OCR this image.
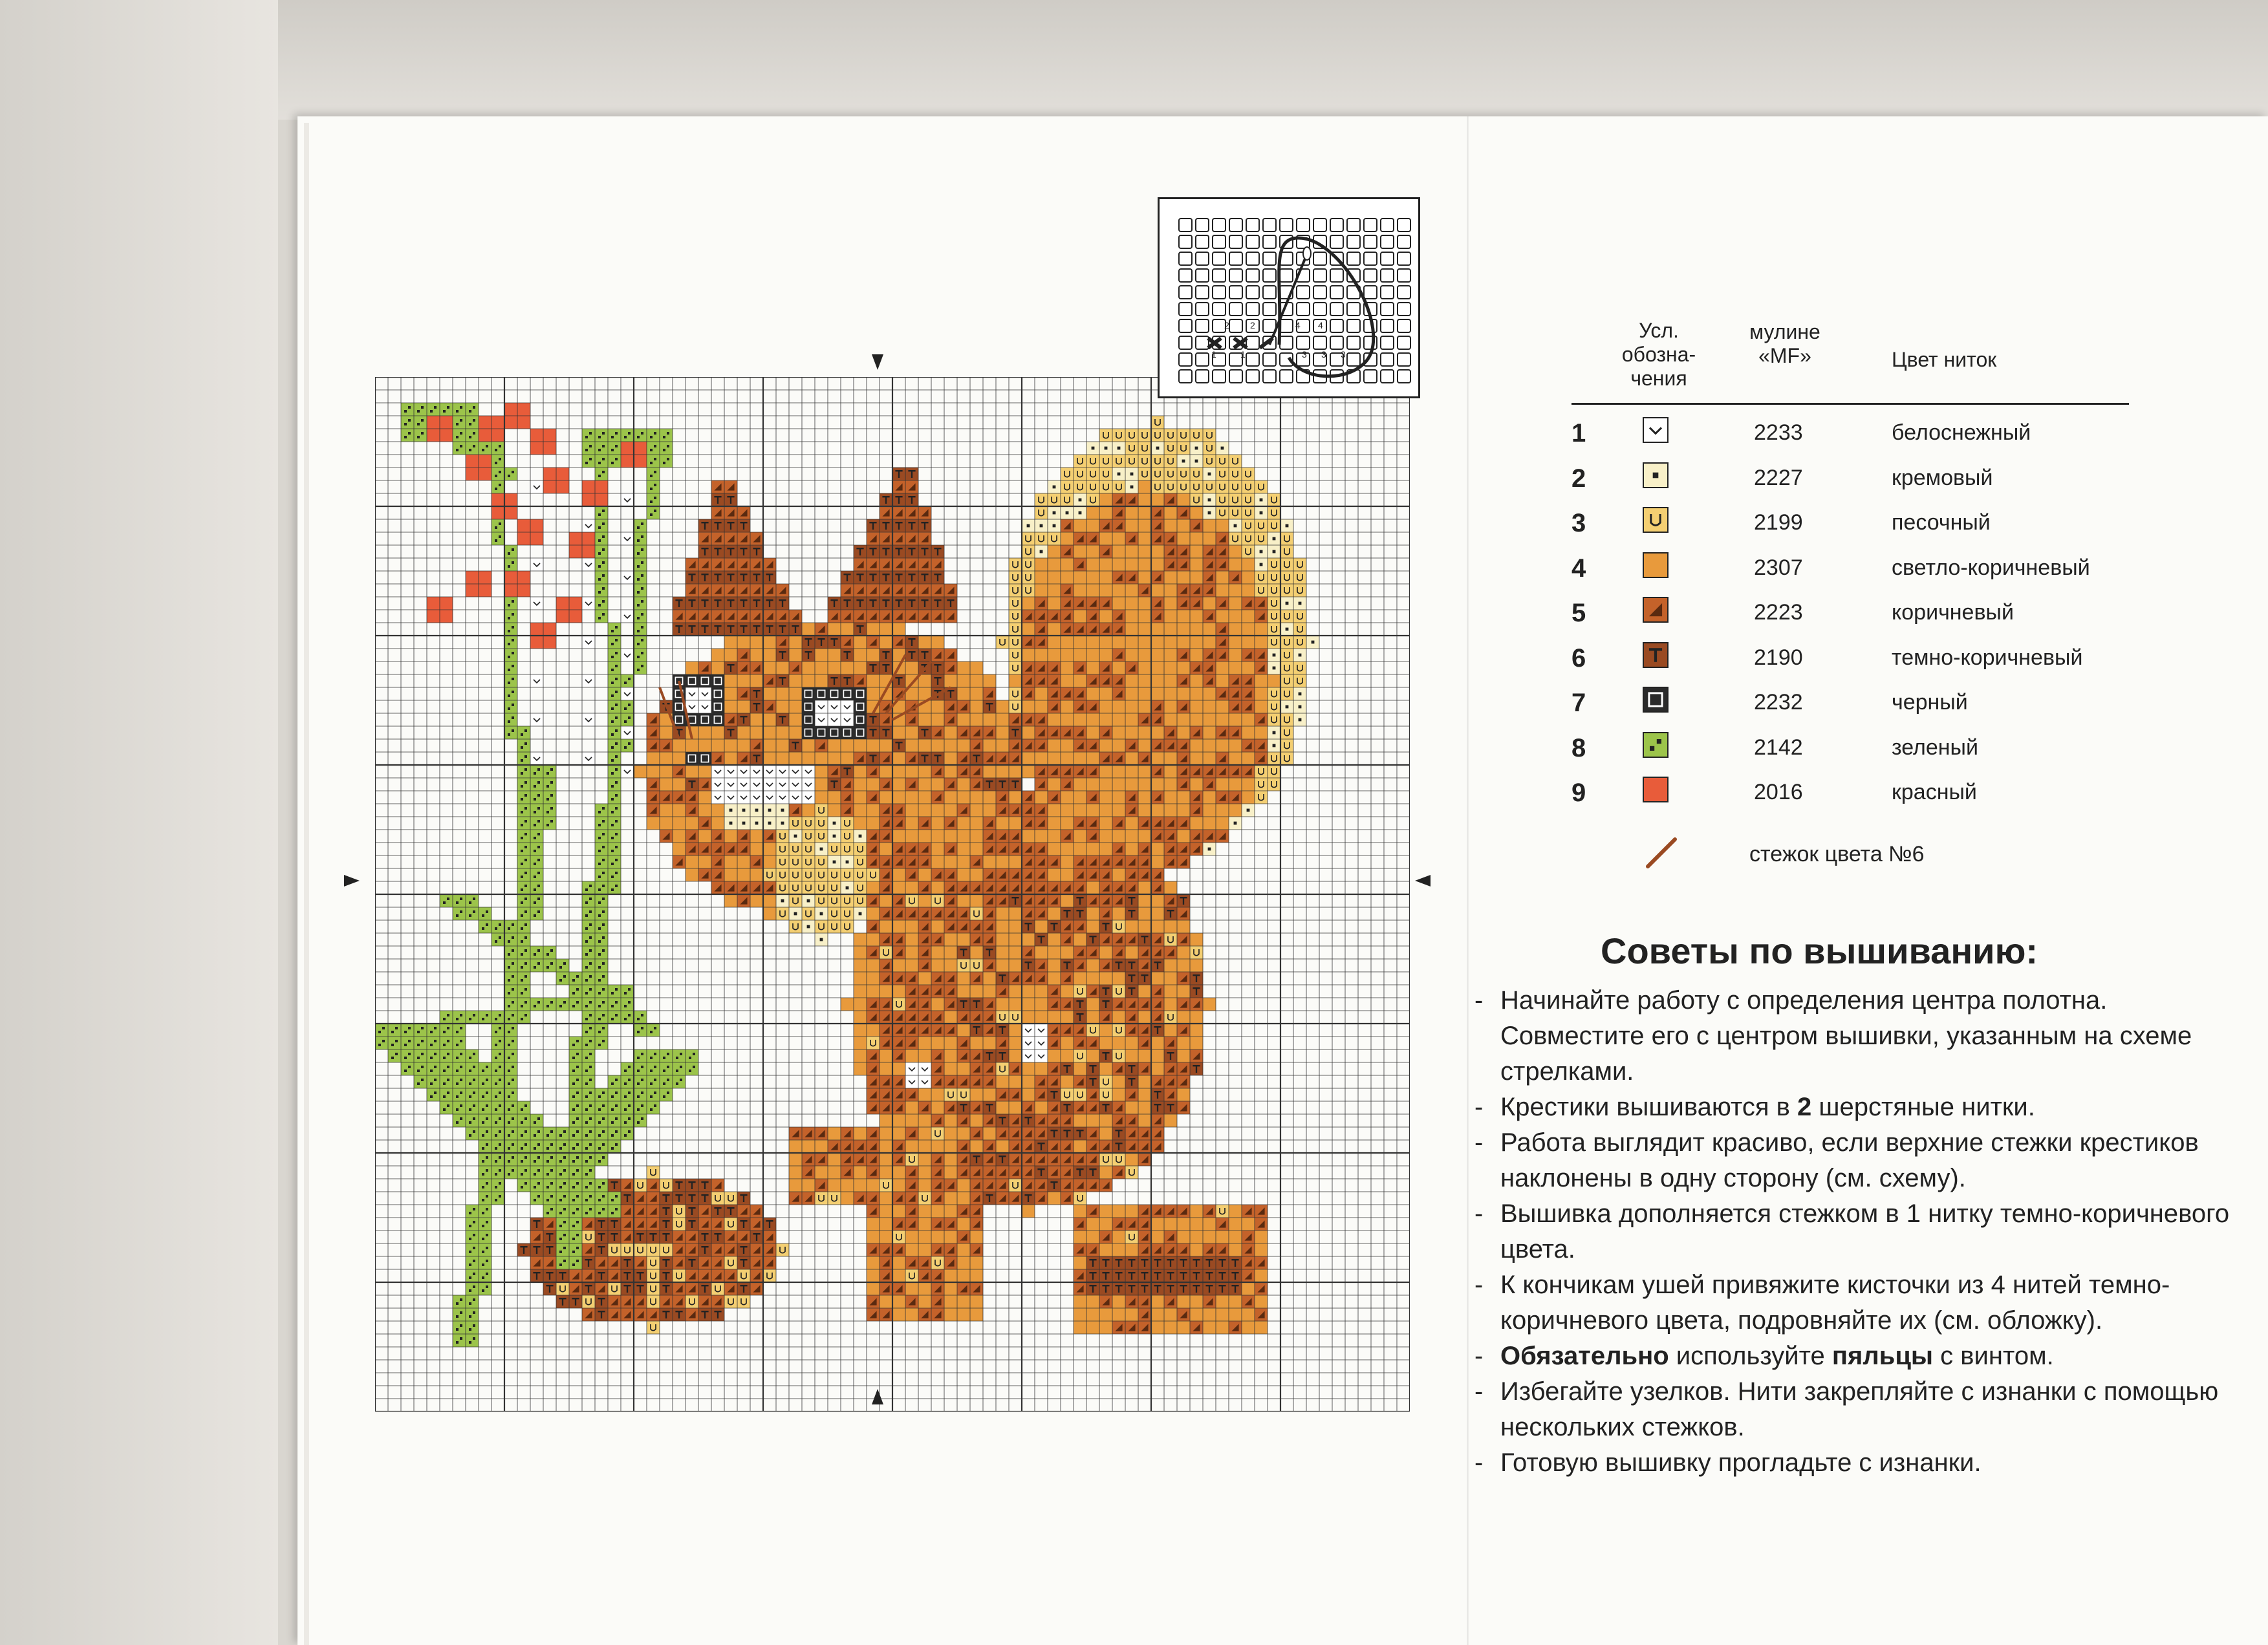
2 2	4 4
1	1	3 3 3
Усл.
обозна-
чения
мулине
«MF»	Цвет ниток
1	2233	белоснежный
2	2227	кремовый
3	2199	песочный
4	2307	светло-коричневый
5	2223	коричневый
6	2190	темно-коричневый
7	2232	черный
8	2142	зеленый
9	2016	красный
стежок цвета №6
Советы по вышиванию:
- Начинайте работу с определения центра полотна. Совместите его с центром вышивки, указанным на схеме стрелками.
- Крестики вышиваются в 2 шерстяные нитки.
- Работа выглядит красиво, если верхние стежки крестиков наклонены в одну сторону (см. схему).
- Вышивка дополняется стежком в 1 нитку темно-коричневого цвета.
- К кончикам ушей привяжите кисточки из 4 нитей темно-коричневого цвета, подровняйте их (см. обложку).
- Обязательно используйте пяльцы с винтом.
- Избегайте узелков. Нити закрепляйте с изнанки с помощью нескольких стежков.
- Готовую вышивку прогладьте с изнанки.
